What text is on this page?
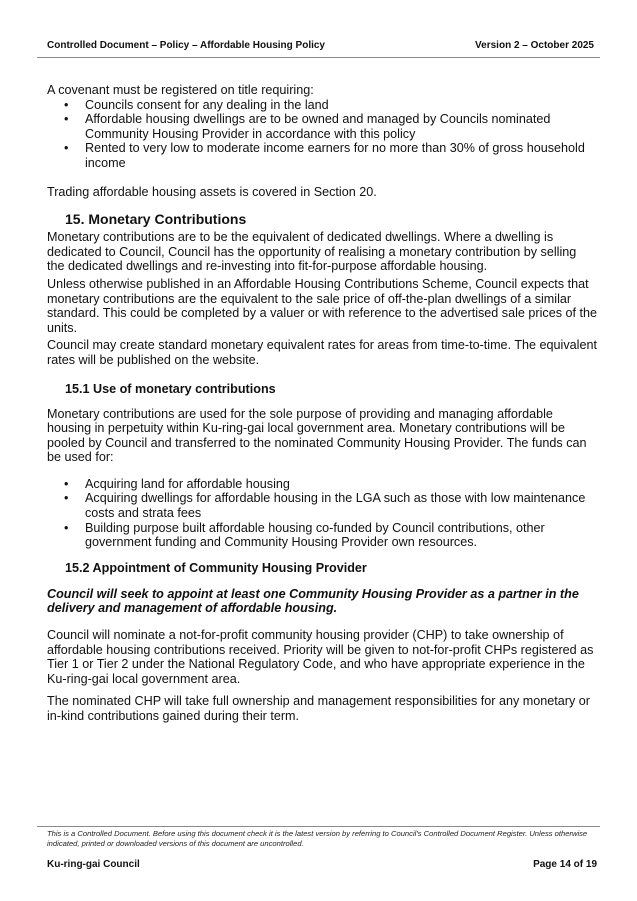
Controlled Document – Policy – Affordable Housing Policy	Version 2 – October 2025

A covenant must be registered on title requiring:

• Councils consent for any dealing in the land
• Affordable housing dwellings are to be owned and managed by Councils nominated Community Housing Provider in accordance with this policy
• Rented to very low to moderate income earners for no more than 30% of gross household income

Trading affordable housing assets is covered in Section 20.

15. Monetary Contributions

Monetary contributions are to be the equivalent of dedicated dwellings. Where a dwelling is dedicated to Council, Council has the opportunity of realising a monetary contribution by selling the dedicated dwellings and re-investing into fit-for-purpose affordable housing.

Unless otherwise published in an Affordable Housing Contributions Scheme, Council expects that monetary contributions are the equivalent to the sale price of off-the-plan dwellings of a similar standard. This could be completed by a valuer or with reference to the advertised sale prices of the units.

Council may create standard monetary equivalent rates for areas from time-to-time. The equivalent rates will be published on the website.

15.1 Use of monetary contributions

Monetary contributions are used for the sole purpose of providing and managing affordable housing in perpetuity within Ku-ring-gai local government area. Monetary contributions will be pooled by Council and transferred to the nominated Community Housing Provider. The funds can be used for:

• Acquiring land for affordable housing
• Acquiring dwellings for affordable housing in the LGA such as those with low maintenance costs and strata fees
• Building purpose built affordable housing co-funded by Council contributions, other government funding and Community Housing Provider own resources.
15.2 Appointment of Community Housing Provider

Council will seek to appoint at least one Community Housing Provider as a partner in the delivery and management of affordable housing.

Council will nominate a not-for-profit community housing provider (CHP) to take ownership of affordable housing contributions received. Priority will be given to not-for-profit CHPs registered as Tier 1 or Tier 2 under the National Regulatory Code, and who have appropriate experience in the Ku-ring-gai local government area.

The nominated CHP will take full ownership and management responsibilities for any monetary or in-kind contributions gained during their term.

This is a Controlled Document. Before using this document check it is the latest version by referring to Council's Controlled Document Register. Unless otherwise indicated, printed or downloaded versions of this document are uncontrolled.
Ku-ring-gai Council	Page 14 of 19
